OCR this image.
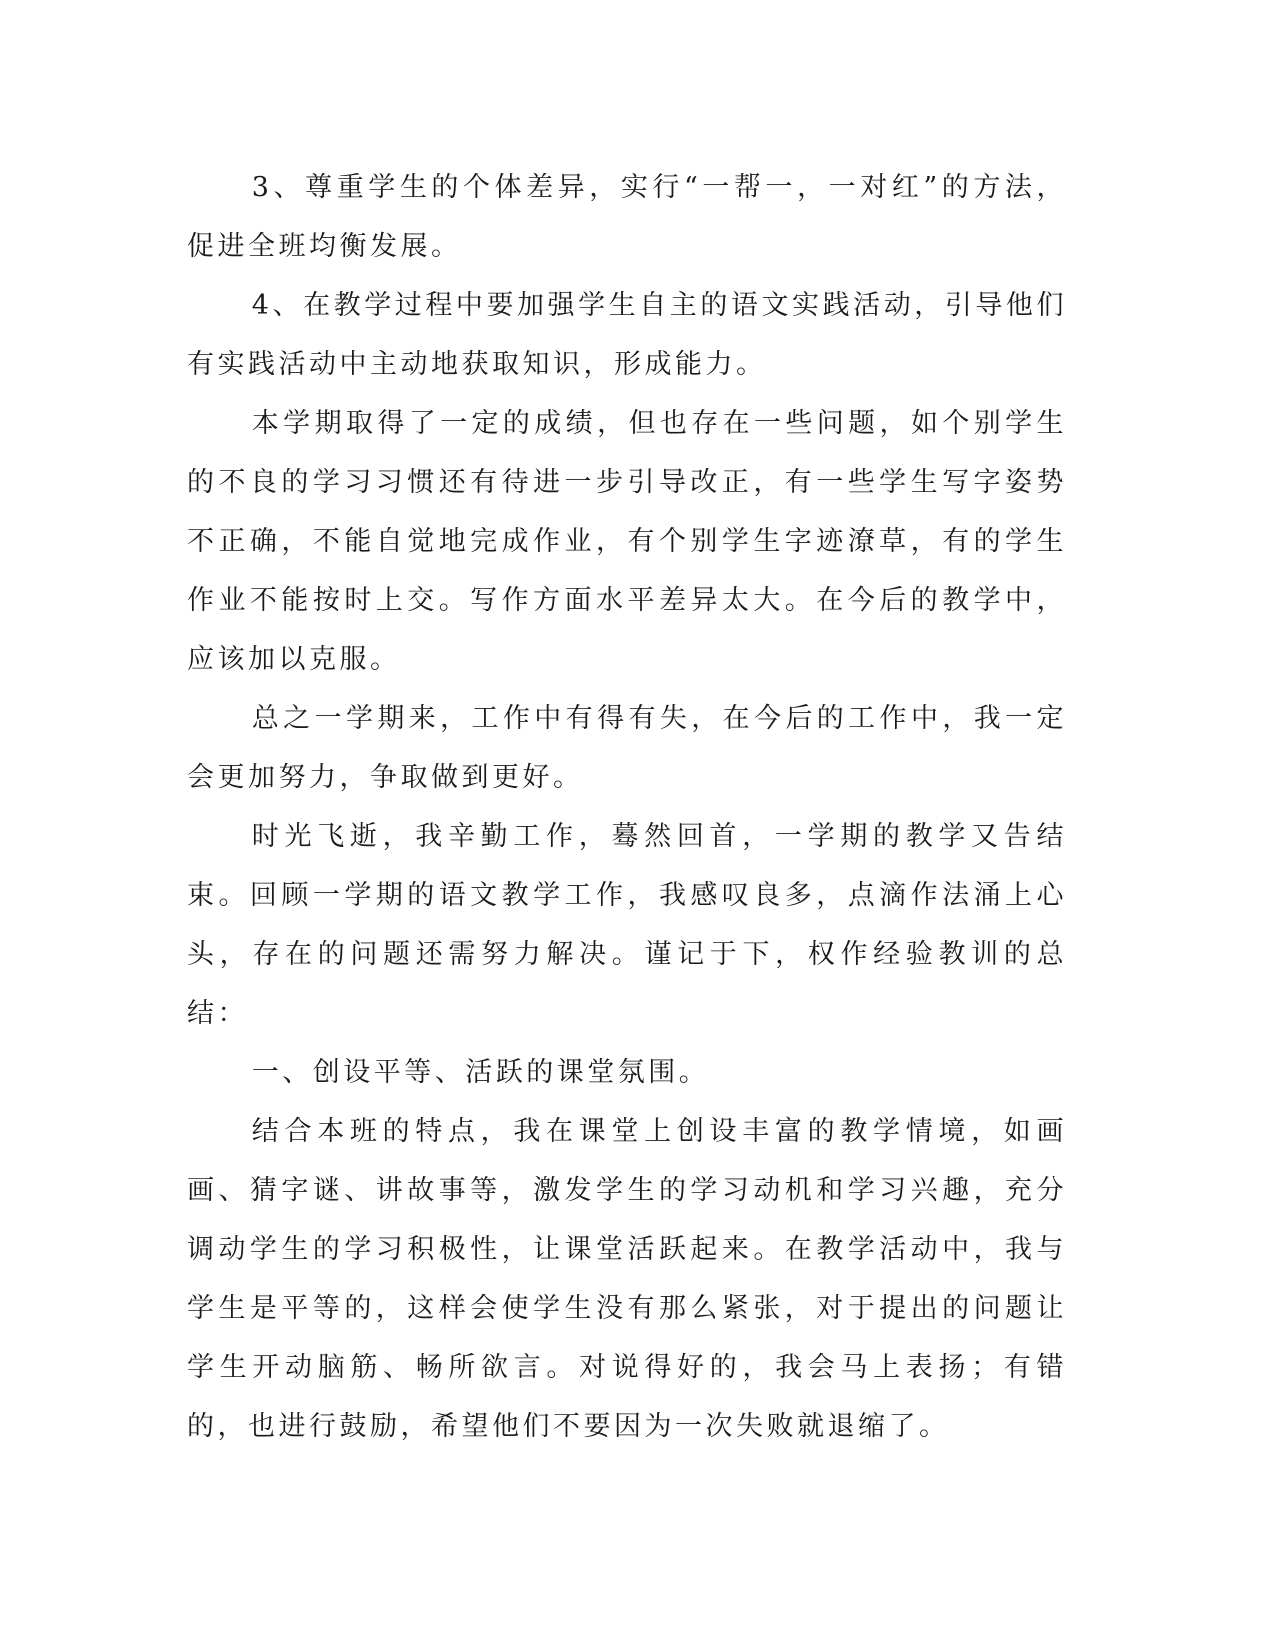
3、尊重学生的个体差异，实行“一帮一，一对红”的方法，促进全班均衡发展。

4、在教学过程中要加强学生自主的语文实践活动，引导他们有实践活动中主动地获取知识，形成能力。

本学期取得了一定的成绩，但也存在一些问题，如个别学生的不良的学习习惯还有待进一步引导改正，有一些学生写字姿势不正确，不能自觉地完成作业，有个别学生字迹潦草，有的学生作业不能按时上交。写作方面水平差异太大。在今后的教学中，应该加以克服。

总之一学期来，工作中有得有失，在今后的工作中，我一定会更加努力，争取做到更好。

时光飞逝，我辛勤工作，蓦然回首，一学期的教学又告结束。回顾一学期的语文教学工作，我感叹良多，点滴作法涌上心头，存在的问题还需努力解决。谨记于下，权作经验教训的总结：

一、创设平等、活跃的课堂氛围。

结合本班的特点，我在课堂上创设丰富的教学情境，如画画、猜字谜、讲故事等，激发学生的学习动机和学习兴趣，充分调动学生的学习积极性，让课堂活跃起来。在教学活动中，我与学生是平等的，这样会使学生没有那么紧张，对于提出的问题让学生开动脑筋、畅所欲言。对说得好的，我会马上表扬；有错的，也进行鼓励，希望他们不要因为一次失败就退缩了。
